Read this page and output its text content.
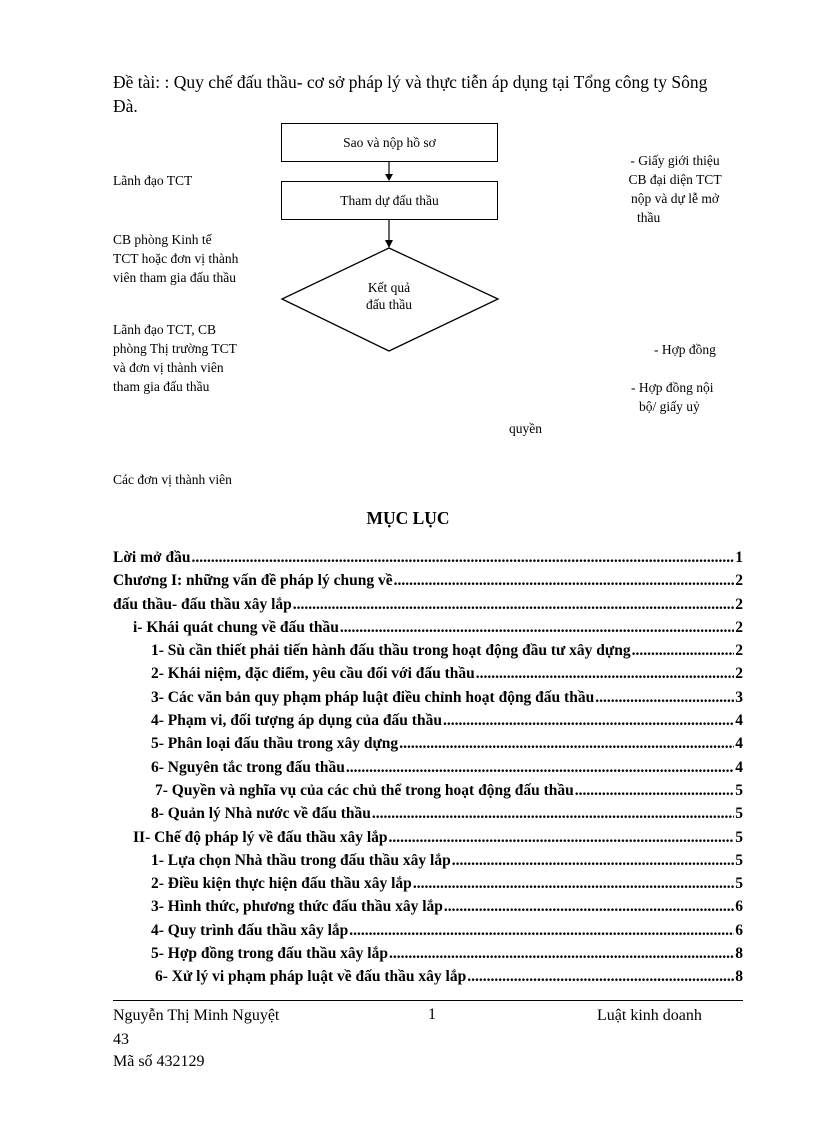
Đề tài: : Quy chế đấu thầu- cơ sở pháp lý và thực tiễn áp dụng tại Tổng công ty Sông Đà.
Sao và nộp hồ sơ
Tham dự đấu thầu
Kết quả
đấu thầu
Lãnh đạo TCT
CB phòng Kinh tế
TCT hoặc đơn vị thành
viên tham gia đấu thầu
Lãnh đạo TCT, CB
phòng Thị trường TCT
và đơn vị thành viên
tham gia đấu thầu
Các đơn vị thành viên
- Giấy giới thiệu
CB đại diện TCT
nộp và dự lễ mở
thầu
- Hợp đồng
- Hợp đồng nội
bộ/ giấy uỷ
quyền
MỤC LỤC
Lời mở đầu .....	1
Chương I: những vấn đề pháp lý chung về .....	2
đấu thầu- đấu thầu xây lắp .....	2
i- Khái quát chung về đấu thầu .....	2
1- Sù cần thiết phải tiến hành đấu thầu trong hoạt động đầu tư xây dựng .....	2
2- Khái niệm, đặc điểm, yêu cầu đối với đấu thầu .....	2
3- Các văn bản quy phạm pháp luật điều chỉnh hoạt động đấu thầu .....	3
4- Phạm vi, đối tượng áp dụng của đấu thầu .....	4
5- Phân loại đấu thầu trong xây dựng .....	4
6- Nguyên tắc trong đấu thầu .....	4
7- Quyền và nghĩa vụ của các chủ thể trong hoạt động đấu thầu .....	5
8- Quản lý Nhà nước về đấu thầu .....	5
II- Chế độ pháp lý về đấu thầu xây lắp .....	5
1- Lựa chọn Nhà thầu trong đấu thầu xây lắp .....	5
2- Điều kiện thực hiện đấu thầu xây lắp .....	5
3- Hình thức, phương thức đấu thầu xây lắp .....	6
4- Quy trình đấu thầu xây lắp .....	6
5- Hợp đồng trong đấu thầu xây lắp .....	8
6- Xử lý vi phạm pháp luật về đấu thầu xây lắp .....	8
Nguyễn Thị Minh Nguyệt	1	Luật kinh doanh
43
Mã số 432129
